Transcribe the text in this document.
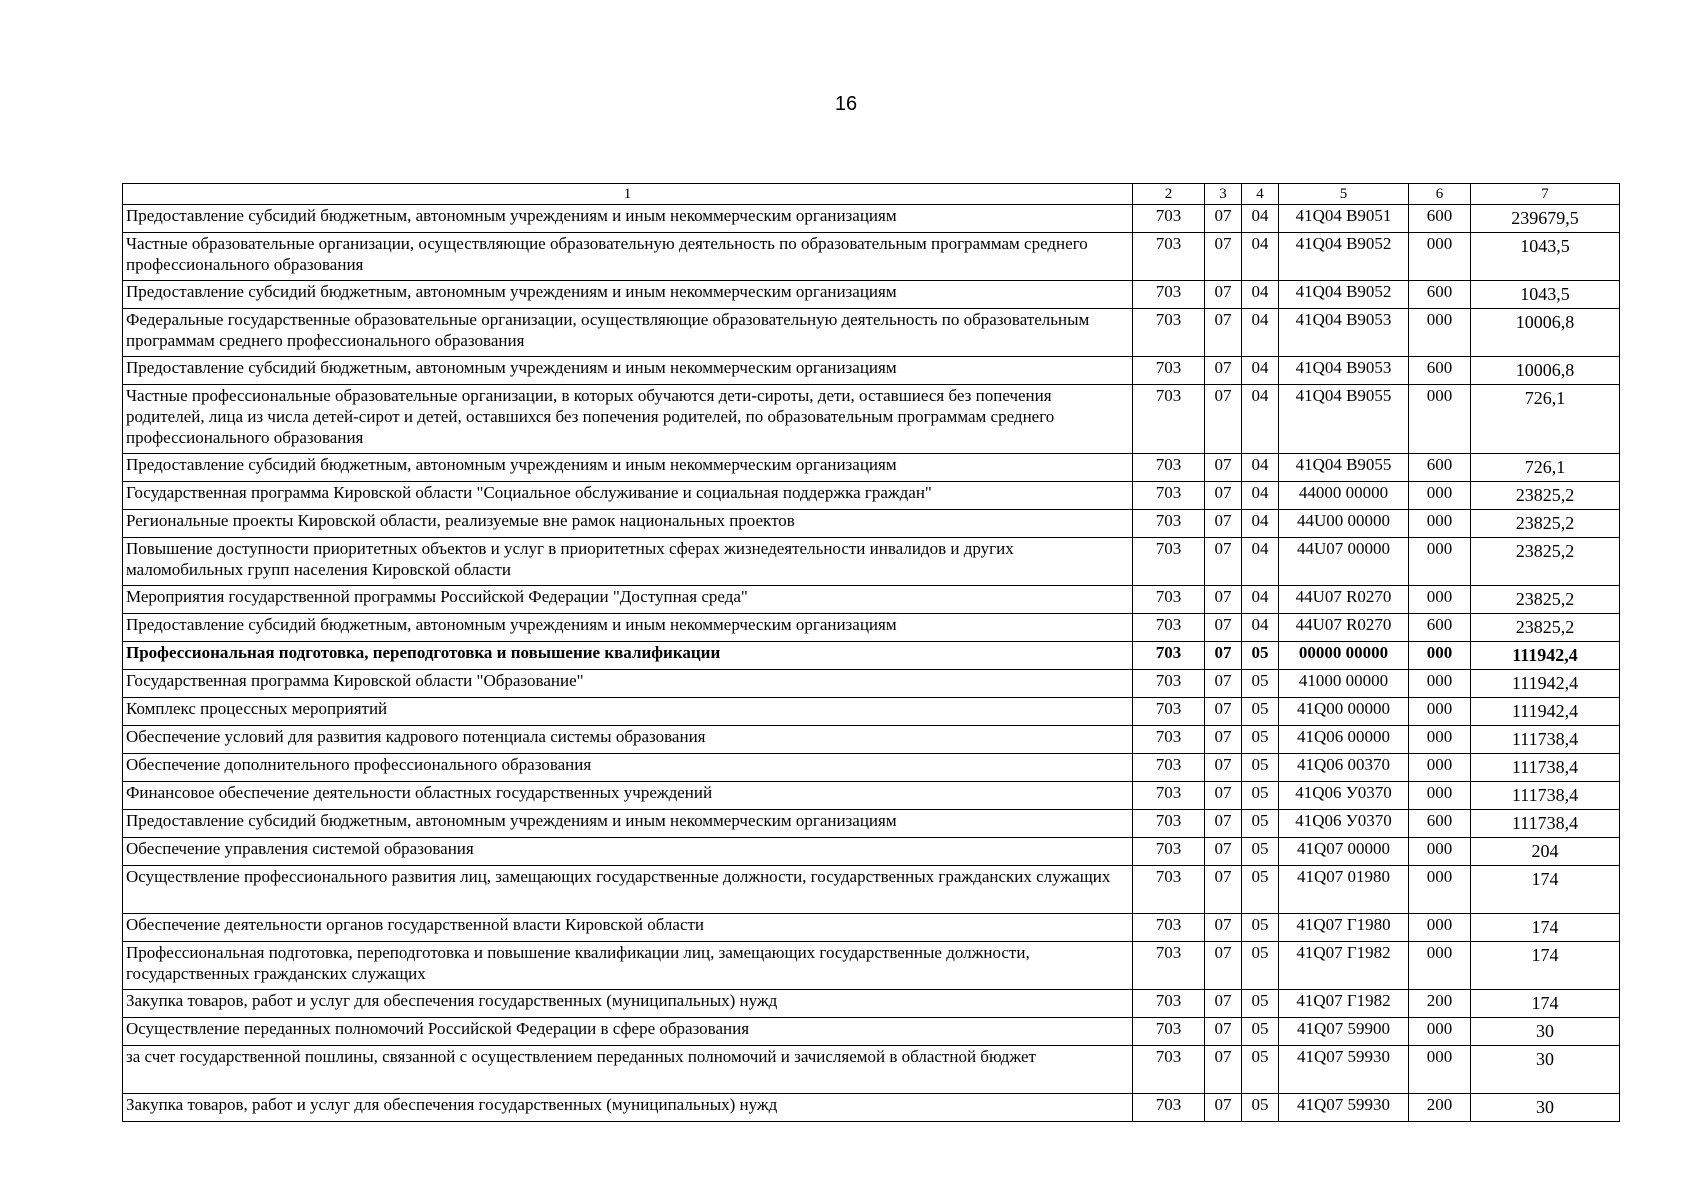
16
1	2	3	4	5	6	7
Предоставление субсидий бюджетным, автономным учреждениям и иным некоммерческим организациям	703	07	04	41Q04 B9051	600	239679,5
Частные образовательные организации, осуществляющие образовательную деятельность по образовательным программам среднего профессионального образования	703	07	04	41Q04 B9052	000	1043,5
Предоставление субсидий бюджетным, автономным учреждениям и иным некоммерческим организациям	703	07	04	41Q04 B9052	600	1043,5
Федеральные государственные образовательные организации, осуществляющие образовательную деятельность по образовательным программам среднего профессионального образования	703	07	04	41Q04 B9053	000	10006,8
Предоставление субсидий бюджетным, автономным учреждениям и иным некоммерческим организациям	703	07	04	41Q04 B9053	600	10006,8
Частные профессиональные образовательные организации, в которых обучаются дети-сироты, дети, оставшиеся без попечения родителей, лица из числа детей-сирот и детей, оставшихся без попечения родителей, по образовательным программам среднего профессионального образования	703	07	04	41Q04 B9055	000	726,1
Предоставление субсидий бюджетным, автономным учреждениям и иным некоммерческим организациям	703	07	04	41Q04 B9055	600	726,1
Государственная программа Кировской области "Социальное обслуживание и социальная поддержка граждан"	703	07	04	44000 00000	000	23825,2
Региональные проекты Кировской области, реализуемые вне рамок национальных проектов	703	07	04	44U00 00000	000	23825,2
Повышение доступности приоритетных объектов и услуг в приоритетных сферах жизнедеятельности инвалидов и других маломобильных групп населения Кировской области	703	07	04	44U07 00000	000	23825,2
Мероприятия государственной программы Российской Федерации "Доступная среда"	703	07	04	44U07 R0270	000	23825,2
Предоставление субсидий бюджетным, автономным учреждениям и иным некоммерческим организациям	703	07	04	44U07 R0270	600	23825,2
Профессиональная подготовка, переподготовка и повышение квалификации	703	07	05	00000 00000	000	111942,4
Государственная программа Кировской области "Образование"	703	07	05	41000 00000	000	111942,4
Комплекс процессных мероприятий	703	07	05	41Q00 00000	000	111942,4
Обеспечение условий для развития кадрового потенциала системы образования	703	07	05	41Q06 00000	000	111738,4
Обеспечение дополнительного профессионального образования	703	07	05	41Q06 00370	000	111738,4
Финансовое обеспечение деятельности областных государственных учреждений	703	07	05	41Q06 У0370	000	111738,4
Предоставление субсидий бюджетным, автономным учреждениям и иным некоммерческим организациям	703	07	05	41Q06 У0370	600	111738,4
Обеспечение управления системой образования	703	07	05	41Q07 00000	000	204
Осуществление профессионального развития лиц, замещающих государственные должности, государственных гражданских служащих	703	07	05	41Q07 01980	000	174
Обеспечение деятельности органов государственной власти Кировской области	703	07	05	41Q07 Г1980	000	174
Профессиональная подготовка, переподготовка и повышение квалификации лиц, замещающих государственные должности, государственных гражданских служащих	703	07	05	41Q07 Г1982	000	174
Закупка товаров, работ и услуг для обеспечения государственных (муниципальных) нужд	703	07	05	41Q07 Г1982	200	174
Осуществление переданных полномочий Российской Федерации в сфере образования	703	07	05	41Q07 59900	000	30
за счет государственной пошлины, связанной с осуществлением переданных полномочий и зачисляемой в областной бюджет	703	07	05	41Q07 59930	000	30
Закупка товаров, работ и услуг для обеспечения государственных (муниципальных) нужд	703	07	05	41Q07 59930	200	30
